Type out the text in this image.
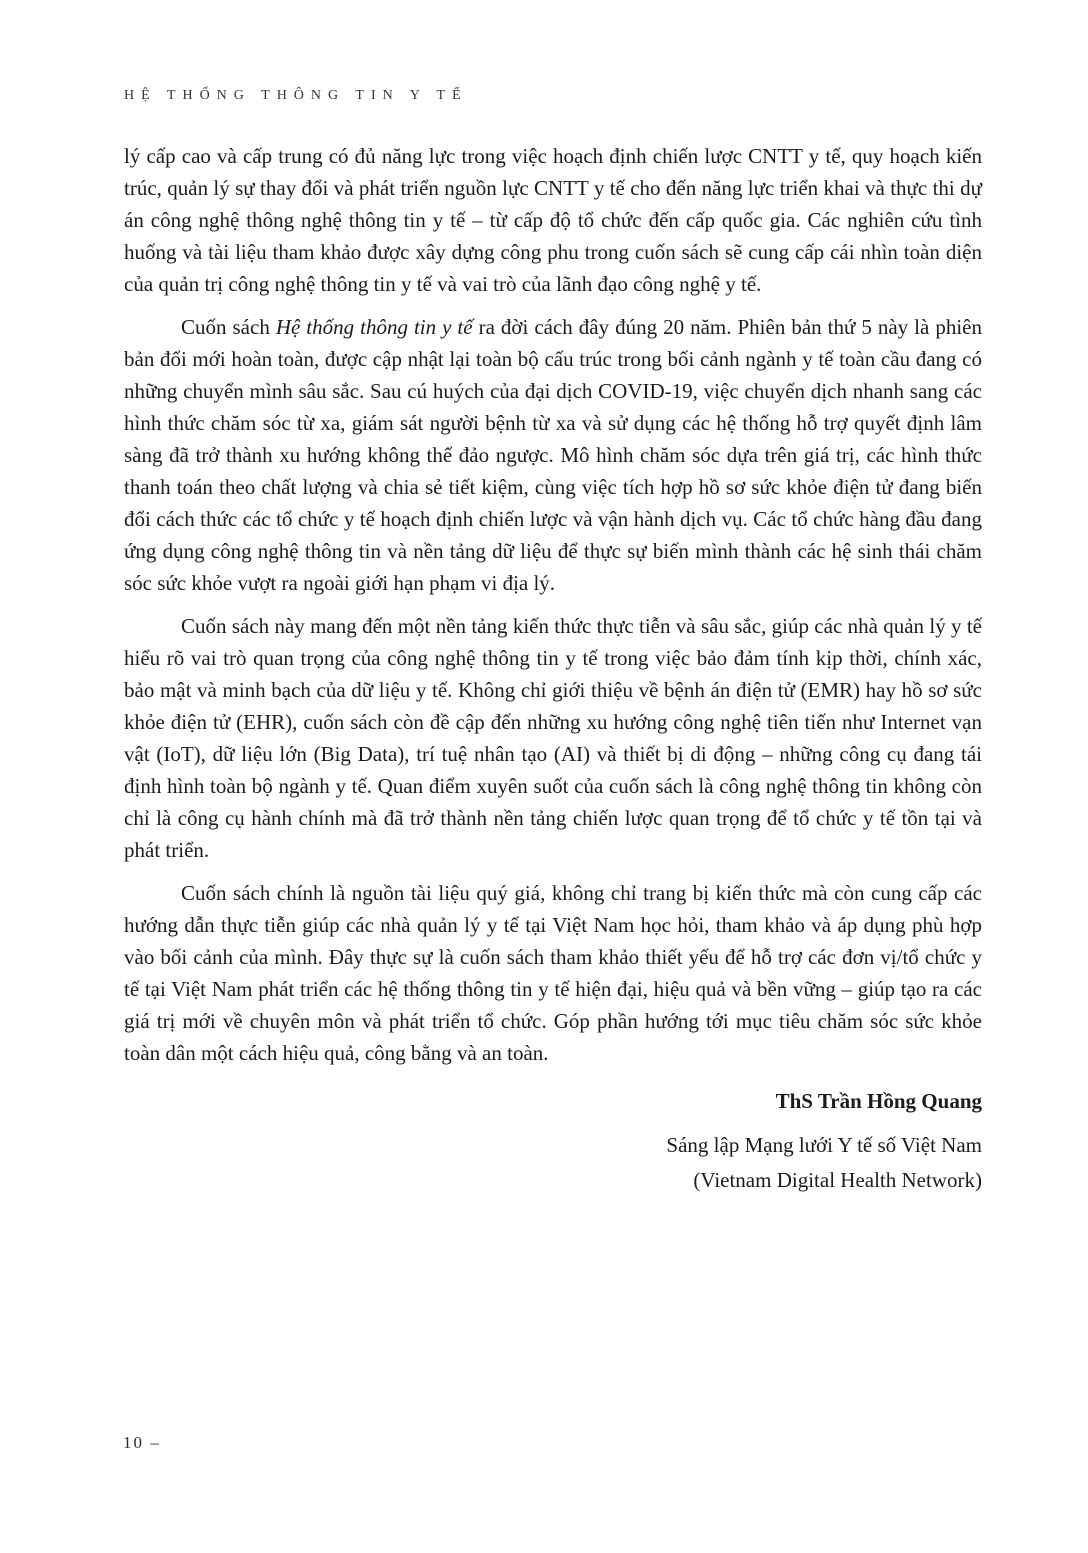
HỆ THỐNG THÔNG TIN Y TẾ

lý cấp cao và cấp trung có đủ năng lực trong việc hoạch định chiến lược CNTT y tế, quy hoạch kiến trúc, quản lý sự thay đổi và phát triển nguồn lực CNTT y tế cho đến năng lực triển khai và thực thi dự án công nghệ thông nghệ thông tin y tế – từ cấp độ tổ chức đến cấp quốc gia. Các nghiên cứu tình huống và tài liệu tham khảo được xây dựng công phu trong cuốn sách sẽ cung cấp cái nhìn toàn diện của quản trị công nghệ thông tin y tế và vai trò của lãnh đạo công nghệ y tế.

Cuốn sách Hệ thống thông tin y tế ra đời cách đây đúng 20 năm. Phiên bản thứ 5 này là phiên bản đổi mới hoàn toàn, được cập nhật lại toàn bộ cấu trúc trong bối cảnh ngành y tế toàn cầu đang có những chuyển mình sâu sắc. Sau cú huých của đại dịch COVID-19, việc chuyển dịch nhanh sang các hình thức chăm sóc từ xa, giám sát người bệnh từ xa và sử dụng các hệ thống hỗ trợ quyết định lâm sàng đã trở thành xu hướng không thể đảo ngược. Mô hình chăm sóc dựa trên giá trị, các hình thức thanh toán theo chất lượng và chia sẻ tiết kiệm, cùng việc tích hợp hồ sơ sức khỏe điện tử đang biến đổi cách thức các tổ chức y tế hoạch định chiến lược và vận hành dịch vụ. Các tổ chức hàng đầu đang ứng dụng công nghệ thông tin và nền tảng dữ liệu để thực sự biến mình thành các hệ sinh thái chăm sóc sức khỏe vượt ra ngoài giới hạn phạm vi địa lý.

Cuốn sách này mang đến một nền tảng kiến thức thực tiễn và sâu sắc, giúp các nhà quản lý y tế hiểu rõ vai trò quan trọng của công nghệ thông tin y tế trong việc bảo đảm tính kịp thời, chính xác, bảo mật và minh bạch của dữ liệu y tế. Không chỉ giới thiệu về bệnh án điện tử (EMR) hay hồ sơ sức khỏe điện tử (EHR), cuốn sách còn đề cập đến những xu hướng công nghệ tiên tiến như Internet vạn vật (IoT), dữ liệu lớn (Big Data), trí tuệ nhân tạo (AI) và thiết bị di động – những công cụ đang tái định hình toàn bộ ngành y tế. Quan điểm xuyên suốt của cuốn sách là công nghệ thông tin không còn chỉ là công cụ hành chính mà đã trở thành nền tảng chiến lược quan trọng để tổ chức y tế tồn tại và phát triển.

Cuốn sách chính là nguồn tài liệu quý giá, không chỉ trang bị kiến thức mà còn cung cấp các hướng dẫn thực tiễn giúp các nhà quản lý y tế tại Việt Nam học hỏi, tham khảo và áp dụng phù hợp vào bối cảnh của mình. Đây thực sự là cuốn sách tham khảo thiết yếu để hỗ trợ các đơn vị/tổ chức y tế tại Việt Nam phát triển các hệ thống thông tin y tế hiện đại, hiệu quả và bền vững – giúp tạo ra các giá trị mới về chuyên môn và phát triển tổ chức. Góp phần hướng tới mục tiêu chăm sóc sức khỏe toàn dân một cách hiệu quả, công bằng và an toàn.

ThS Trần Hồng Quang

Sáng lập Mạng lưới Y tế số Việt Nam

(Vietnam Digital Health Network)

10 –
